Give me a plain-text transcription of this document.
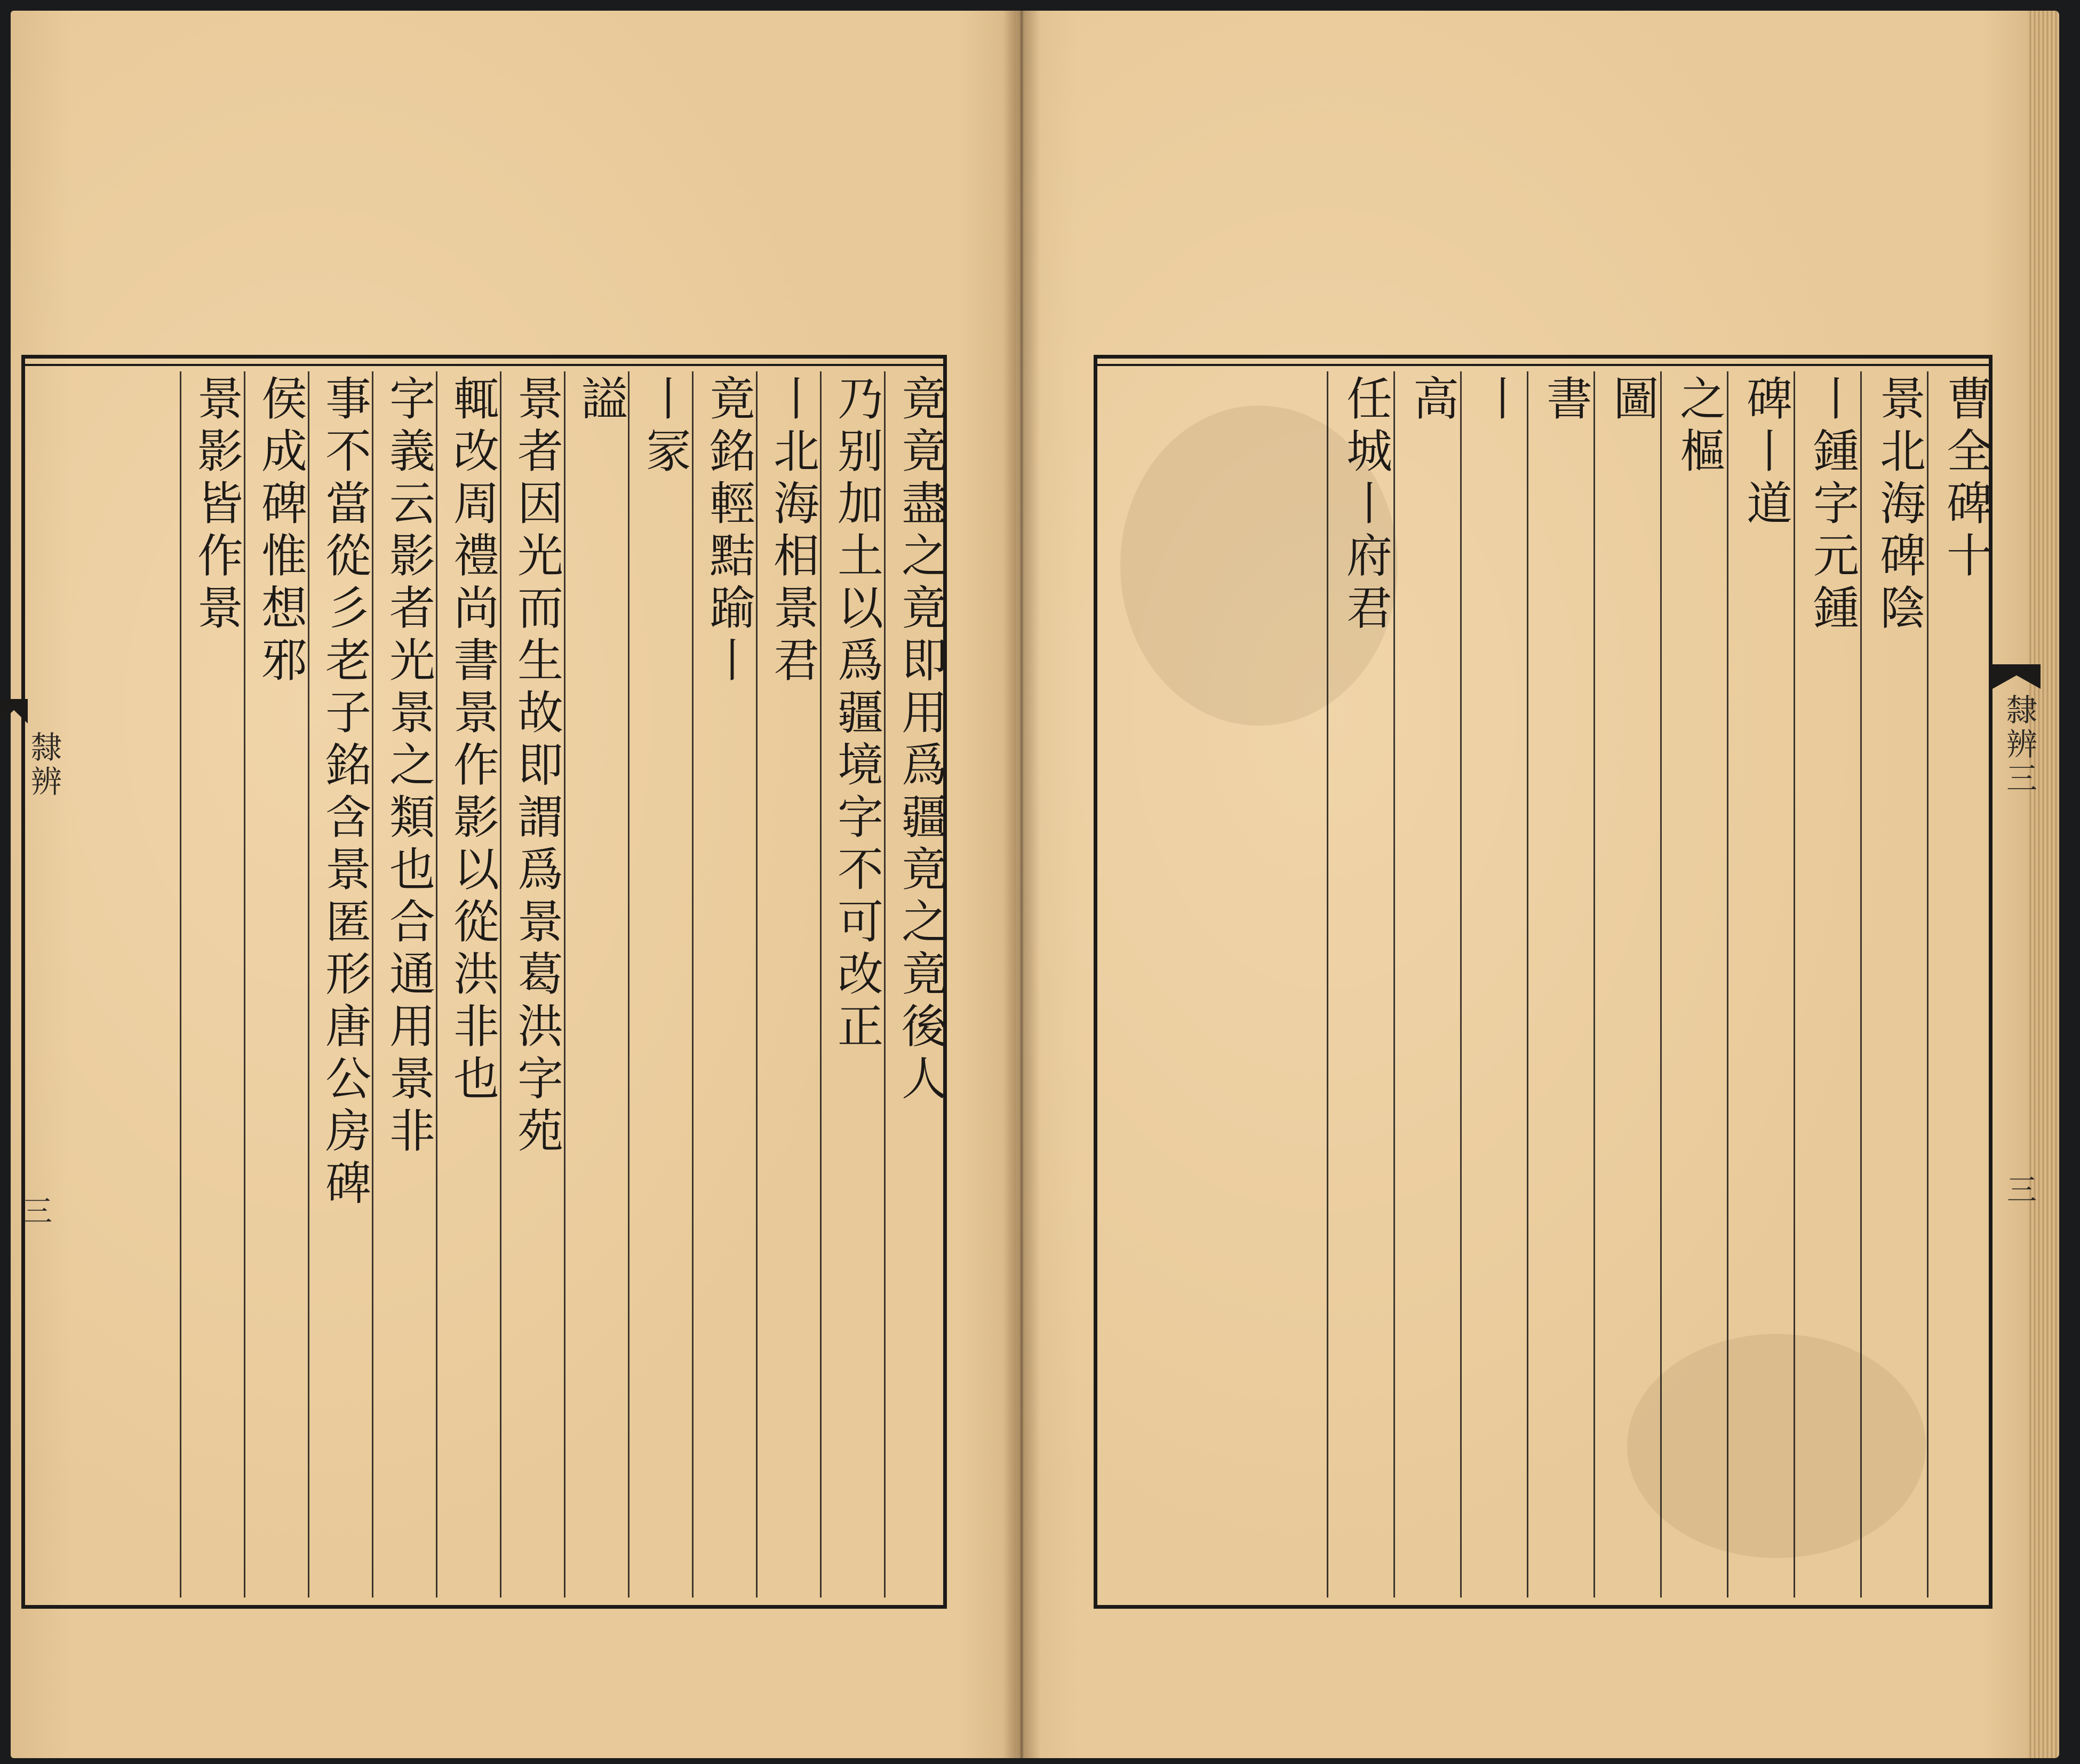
竟竟盡之竟即用爲疆竟之竟後人
乃别加土以爲疆境字不可改正
丨北海相景君
竟銘輕黠踰丨
丨冡
謚
景者因光而生故即謂爲景葛洪字苑
輒改周禮尚書景作影以從洪非也
字義云影者光景之類也合通用景非
事不當從彡老子銘含景匿形唐公房碑
侯成碑惟想邪
景影皆作景	曹全碑十
景北海碑陰
丨鍾字元鍾
碑丨道
之樞
圖
書
丨
高
任城丨府君
隸辨三
隸辨
三
三
